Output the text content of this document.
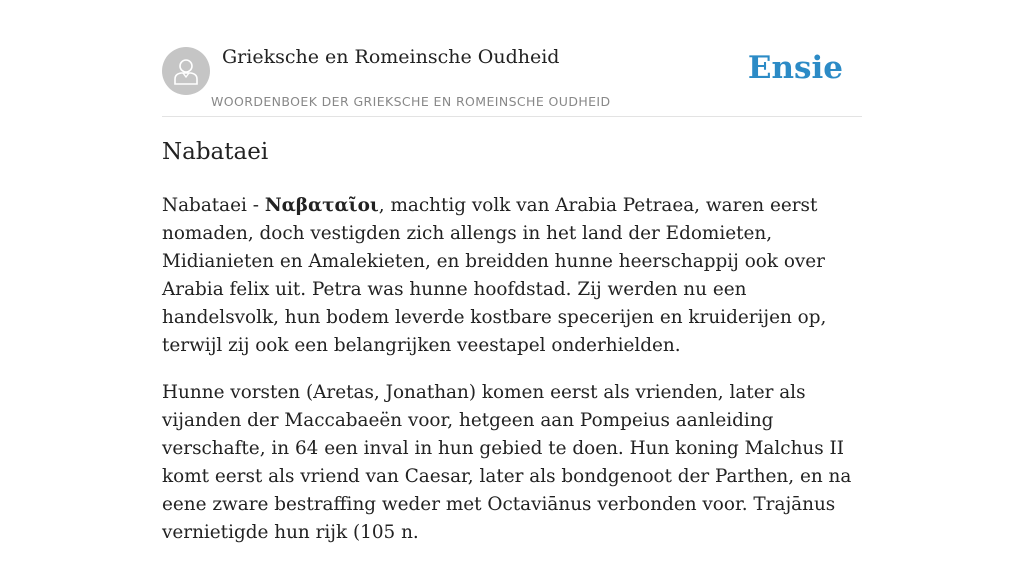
Grieksche en Romeinsche Oudheid
WOORDENBOEK DER GRIEKSCHE EN ROMEINSCHE OUDHEID
Ensie
Nabataei

Nabataei - Ναβαταῖοι, machtig volk van Arabia Petraea, waren eerst nomaden, doch vestigden zich allengs in het land der Edomieten, Midianieten en Amalekieten, en breidden hunne heerschappij ook over Arabia felix uit. Petra was hunne hoofdstad. Zij werden nu een handelsvolk, hun bodem leverde kostbare specerijen en kruiderijen op, terwijl zij ook een belangrijken veestapel onderhielden.

Hunne vorsten (Aretas, Jonathan) komen eerst als vrienden, later als vijanden der Maccabaeën voor, hetgeen aan Pompeius aanleiding verschafte, in 64 een inval in hun gebied te doen. Hun koning Malchus II komt eerst als vriend van Caesar, later als bondgenoot der Parthen, en na eene zware bestraffing weder met Octaviānus verbonden voor. Trajānus vernietigde hun rijk (105 n.
